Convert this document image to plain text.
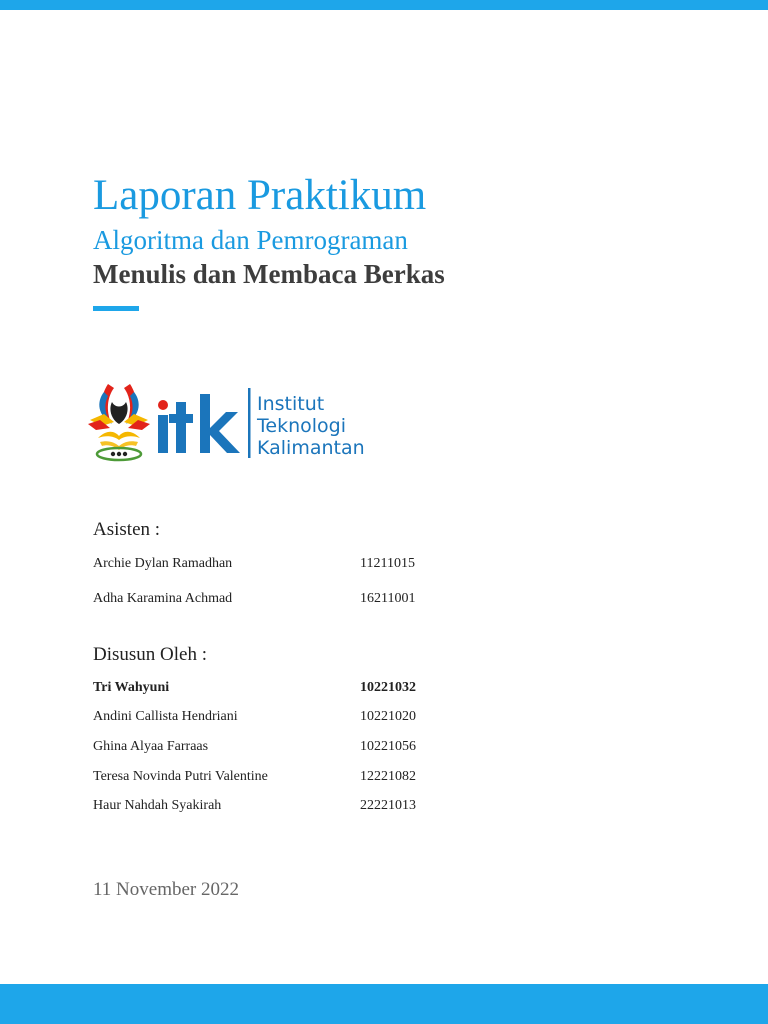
Laporan Praktikum
Algoritma dan Pemrograman
Menulis dan Membaca Berkas
Institut
Teknologi
Kalimantan
Asisten :
Archie Dylan Ramadhan	11211015
Adha Karamina Achmad	16211001
Disusun Oleh :
Tri Wahyuni	10221032
Andini Callista Hendriani	10221020
Ghina Alyaa Farraas	10221056
Teresa Novinda Putri Valentine	12221082
Haur Nahdah Syakirah	22221013
11 November 2022
